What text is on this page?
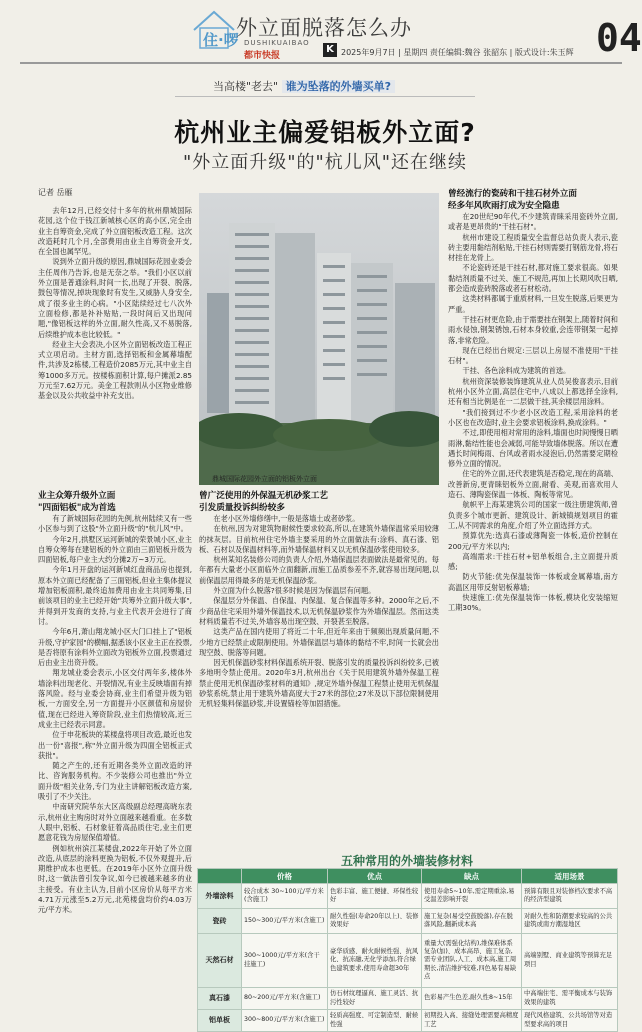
住·啰
外立面脱落怎么办
DUSHIKUAIBAO
都市快报
K 2025年9月7日 | 星期四 责任编辑:魏谷 张韶东 | 版式设计:朱玉辉 04
当高楼"老去" 谁为坠落的外墙买单?
杭州业主偏爱铝板外立面?
"外立面升级"的"杭儿风"还在继续
记者 岳雁

去年12月,已经交付十多年的杭州鼎城国际花园,这个位于钱江新城核心区的高小区,完全由业主自筹资金,完成了外立面铝板改造工程。这次改造耗时几个月,全部费用由业主自筹资金开支,在全国也属罕见。

说到外立面升级的原因,鼎城国际花园业委会主任周伟乃告诉,也是无奈之举。"我们小区以前外立面是普通涂料,时间一长,出现了开裂、脱落,鼓包等情况,掉块现象时有发生,又威胁人身安全,成了很多业主的心病。"小区陆续经过七八次外立面检修,都是补补贴贴,一段时间后又出现问题,"像铝板这样的外立面,耐久性高,又不易脱落,后续维护成本也比较低。"

经业主大会表决,小区外立面铝板改造工程正式立项启动。主材方面,选择铝板和金属幕墙配件,共涉及2栋楼,工程造价2085万元,其中业主自筹1000多万元。按楼栋面积计算,每户摊派2.85万元至7.62万元。美金工程款则从小区物业维修基金以及公共收益中补充支出。

鼎城国际花园外立面的铝板外立面
业主众筹升级外立面
"四面铝板"成为首选

有了新城国际花园的先例,杭州陆续又有一些小区参与到了这股"外立面升级"的"杭儿风"中。

今年2月,拱墅区运河新城的荣景城小区,业主自筹众筹每在建铝板的外立面由三面铝板升级为四面铝板,每户业主大约分摊2万~3万元。

今年1月开盘的运河新城红盘商品房也提到,原本外立面已经配备了三面铝板,但业主集体提议增加铝板面积,最终追加费用由业主共同筹集,目前该项目的业主已经开始"共筹外立面升级大事",并得到开发商的支持,与业主代表开会进行了商讨。

今年6月,萧山翔龙城小区大门口挂上了"铝板升级,守护家园"的横幅,据悉该小区业主正在投票,是否将原有涂料外立面改为铝板外立面,投票通过后由业主出资升级。

翔龙城业委会表示,小区交付两年多,楼体外墙涂料出现老化、开裂情况,有业主反映墙面有掉落风险。经与业委会协商,业主们希望升级为铝板,一方面安全,另一方面提升小区颜值和房屋价值,现在已经进入筹资阶段,业主们热情较高,近三成业主已经表示同意。

位于申花板块的某楼盘将项目改造,最近也发出一份"喜报",称"外立面升级为四面全铝板正式获批"。

随之产生的,还有近期各类外立面改造的评比、咨询服务机构。不少装修公司也推出"外立面升级"相关业务,专门为业主讲解铝板改造方案,吸引了不少关注。

中南研究院华东大区高级副总经理高晓东表示,杭州业主购房时对外立面越来越看重。在多数人眼中,铝板、石材象征着高品质住宅,业主们更愿意花钱为房屋保值增值。

例如杭州滨江某楼盘,2022年开始了外立面改造,从底层的涂料更换为铝板,不仅外观提升,后期维护成本也更低。在2019年小区外立面升级时,这一做法曾引发争议,如今已被越来越多的业主接受。有业主认为,目前小区房价从每平方米4.71万元涨至5.2万元,北苑楼盘均价约4.03万元/平方米。

曾广泛使用的外保温无机砂浆工艺
引发质量投诉纠纷较多

在老小区外墙修缮中,一般是落墙土或者砂浆。

在杭州,因为对建筑物耐候性要求较高,所以,在建筑外墙保温常采用较薄的抹灰层。目前杭州住宅外墙主要采用的外立面做法有:涂料、真石漆、铝板、石材以及保温材料等,而外墙保温材料又以无机保温砂浆使用较多。

杭州某知名装修公司的负责人介绍,外墙保温层表面做法是最常见的。每年都有大量老小区面临外立面翻新,而施工品质参差不齐,就容易出现问题,以前保温层用得最多的是无机保温砂浆。

外立面为什么脱落?很多时候是因为保温层有问题。

保温层分外保温、自保温、内保温、复合保温等多种。2000年之后,不少商品住宅采用外墙外保温技术,以无机保温砂浆作为外墙保温层。然而这类材料质量若不过关,外墙容易出现空鼓、开裂甚至脱落。

这类产品在国内使用了将近二十年,但近年来由于频频出现质量问题,不少地方已经禁止或限制使用。外墙保温层与墙体的黏结不牢,时间一长就会出现空鼓、脱落等问题。

因无机保温砂浆材料保温系统开裂、脱落引发的质量投诉纠纷较多,已被多地明令禁止使用。2020年3月,杭州出台《关于民用建筑外墙外保温工程禁止使用无机保温砂浆材料的通知》,规定外墙外保温工程禁止使用无机保温砂浆系统,禁止用于建筑外墙高度大于27米的部位;27米及以下部位限制使用无机轻集料保温砂浆,并设置锚栓等加固措施。

曾经流行的瓷砖和干挂石材外立面
经多年风吹雨打成为安全隐患

在20世纪90年代,不少建筑青睐采用瓷砖外立面,或者是更昂贵的"干挂石材"。

杭州市建设工程质量安全监督总站负责人表示,瓷砖主要用黏结剂粘贴,干挂石材则需要打钢筋龙骨,将石材挂在龙骨上。

不论瓷砖还是干挂石材,都对施工要求很高。如果黏结剂质量不过关、施工不规范,再加上长期风吹日晒,都会造成瓷砖脱落或者石材松动。

这类材料都属于重质材料,一旦发生脱落,后果更为严重。

干挂石材更危险,由于需要挂在钢架上,随着时间和雨水侵蚀,钢架锈蚀,石材本身较重,会连带钢架一起掉落,非常危险。

现在已经出台规定:三层以上房屋不准使用"干挂石材"。

干挂、各色涂料成为建筑的首选。

杭州资深装修装饰建筑从业人员吴俊喜表示,目前杭州小区外立面,高层住宅中,八成以上都选择全涂料,还有相当比例是在一二层做干挂,其余楼层用涂料。

"我们接到过不少老小区改造工程,采用涂料的老小区也在改造时,业主会要求铝板涂料,换成涂料。"

不过,即使用相对常用的涂料,墙面也时间慢慢日晒雨淋,黏结性能也会减弱,可能导致墙体脱落。所以在遭遇长时间梅雨、台风或者雨水浸泡后,仍然需要定期检修外立面的情况。

住宅的外立面,还代表建筑是否稳定,现在的高端、改善新房,更青睐铝板外立面,耐看、美观,而喜欢用人造石、薄陶瓷保温一体板、陶板等常见。

航帜平上海某建筑公司的国家一级注册建筑师,曾负责多个城市更新、建筑设计、新城镇规划项目的霍工,从不同需求的角度,介绍了外立面选择方式。

预算优先:选真石漆或薄陶瓷一体板,造价控制在200元/平方米以内;

高端需求:干挂石材+铝单板组合,主立面提升质感;

防火节能:优先保温装饰一体板或金属幕墙,南方高温区用带反射铝板幕墙;

快速施工:优先保温装饰一体板,模块化安装缩短工期30%。

五种常用的外墙装修材料
	价格	优点	缺点	适用场景
外墙涂料	较合成本 30~100元/平方米(含施工)	色彩丰富、施工便捷、环保性较好	使用寿命5~10年,需定期重涂,易受温差影响开裂	预算有限且对装修档次要求不高的经济型建筑
瓷砖	150~300元/平方米(含施工)	耐久性强(寿命20年以上)、装修效果好	施工复杂(易受空鼓脱落),存在脱落风险,翻新成本高	对耐久性和防潮要求较高的公共建筑或南方潮湿地区
天然石材	300~1000元/平方米(含干挂施工)	豪华质感、耐火耐候性强、抗风化、抗冻融,无化学添加,符合绿色建筑要求,使用寿命超30年	重量大(需强化结构),维保难体系复杂(加)、成本高昂、施工复杂,需专业团队,人工、成本高,施工周期长,清洁维护较难,四色易有易缺点	高端别墅、商业建筑等预算充足项目
真石漆	80~200元/平方米(含施工)	仿石材纹理逼真、施工灵活、抗污性较好	色彩易产生色差,耐久性8~15年	中高端住宅、需平衡成本与装饰效果的建筑
铝单板	300~800元/平方米(含施工)	轻质高强度、可定制造型、耐候性强	初期投入高、接缝处理需要高精度工艺	现代风格建筑、公共场馆等对造型要求高的项目
